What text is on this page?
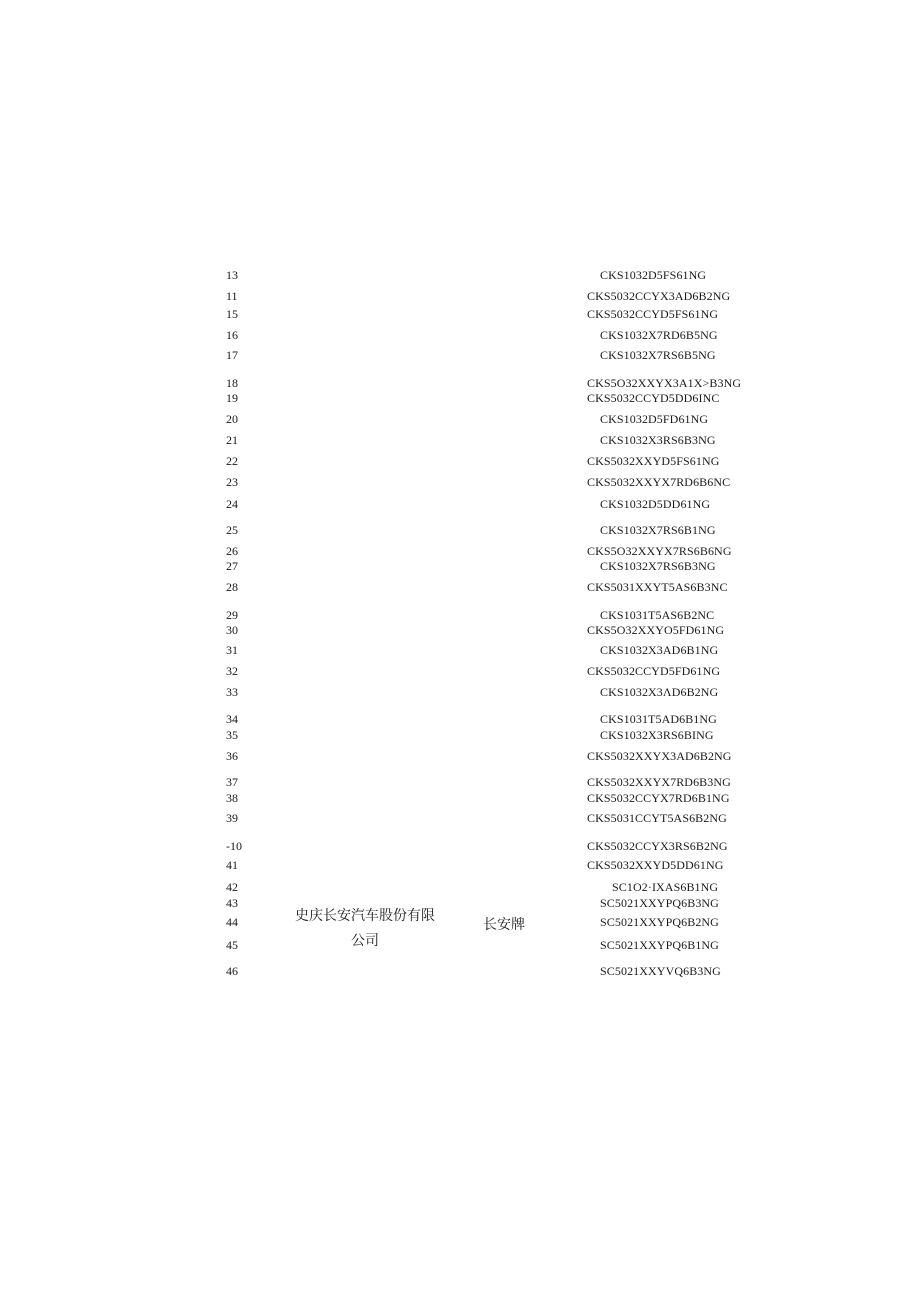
13	CKS1032D5FS61NG
11	CKS5032CCYX3AD6B2NG
15	CKS5032CCYD5FS61NG
16	CKS1032X7RD6B5NG
17	CKS1032X7RS6B5NG
18	CKS5O32XXYX3A1X>B3NG
19	CKS5032CCYD5DD6INC
20	CKS1032D5FD61NG
21	CKS1032X3RS6B3NG
22	CKS5032XXYD5FS61NG
23	CKS5032XXYX7RD6B6NC
24	CKS1032D5DD61NG
25	CKS1032X7RS6B1NG
26	CKS5O32XXYX7RS6B6NG
27	CKS1032X7RS6B3NG
28	CKS5031XXYT5AS6B3NC
29	CKS1031T5AS6B2NC
30	CKS5O32XXYO5FD61NG
31	CKS1032X3AD6B1NG
32	CKS5032CCYD5FD61NG
33	CKS1032X3ΛD6B2NG
34	CKS1031T5AD6B1NG
35	CKS1032X3RS6BING
36	CKS5032XXYX3AD6B2NG
37	CKS5032XXYX7RD6B3NG
38	CKS5032CCYX7RD6B1NG
39	CKS5031CCYT5AS6B2NG
-10	CKS5032CCYX3RS6B2NG
41	CKS5032XXYD5DD61NG
42	SC1O2·IXAS6B1NG
43	SC5021XXYPQ6B3NG
44	SC5021XXYPQ6B2NG
45	SC5021XXYPQ6B1NG
46	SC5021XXYVQ6B3NG
史庆长安汽车股份有限公司
长安牌
